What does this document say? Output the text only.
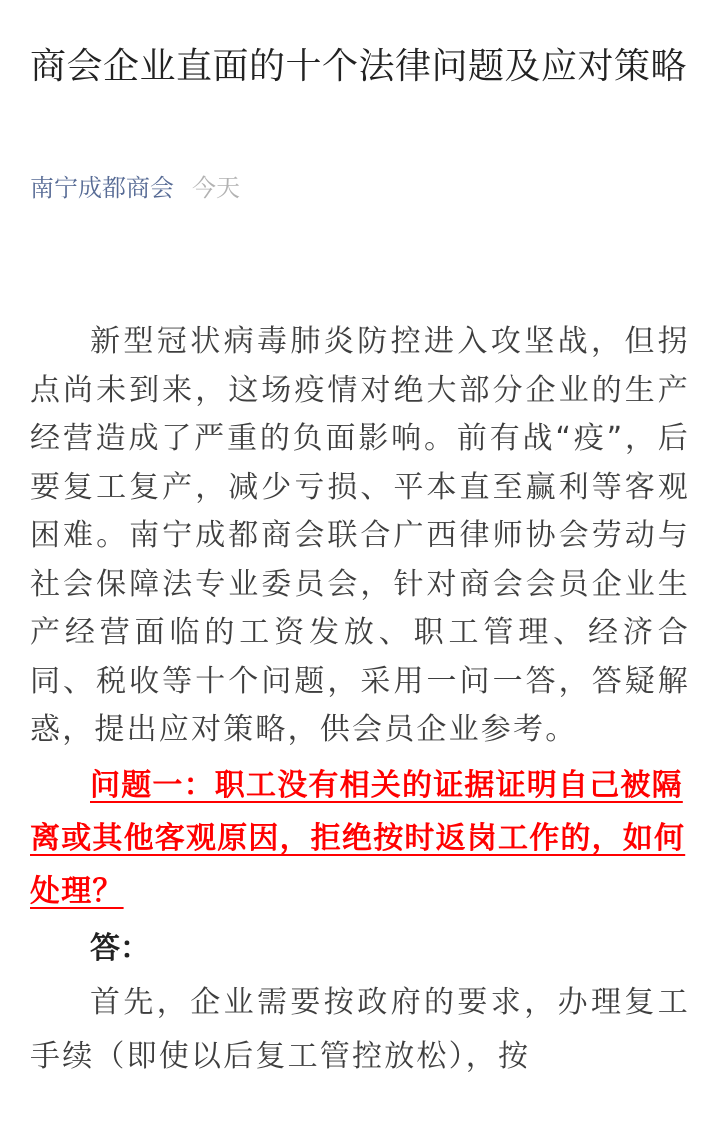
商会企业直面的十个法律问题及应对策略
南宁成都商会 今天

新型冠状病毒肺炎防控进入攻坚战，但拐点尚未到来，这场疫情对绝大部分企业的生产经营造成了严重的负面影响。前有战“疫”，后要复工复产，减少亏损、平本直至赢利等客观困难。南宁成都商会联合广西律师协会劳动与社会保障法专业委员会，针对商会会员企业生产经营面临的工资发放、职工管理、经济合同、税收等十个问题，采用一问一答，答疑解惑，提出应对策略，供会员企业参考。

问题一：职工没有相关的证据证明自己被隔离或其他客观原因，拒绝按时返岗工作的，如何处理？

答：

首先，企业需要按政府的要求，办理复工手续（即使以后复工管控放松），按
